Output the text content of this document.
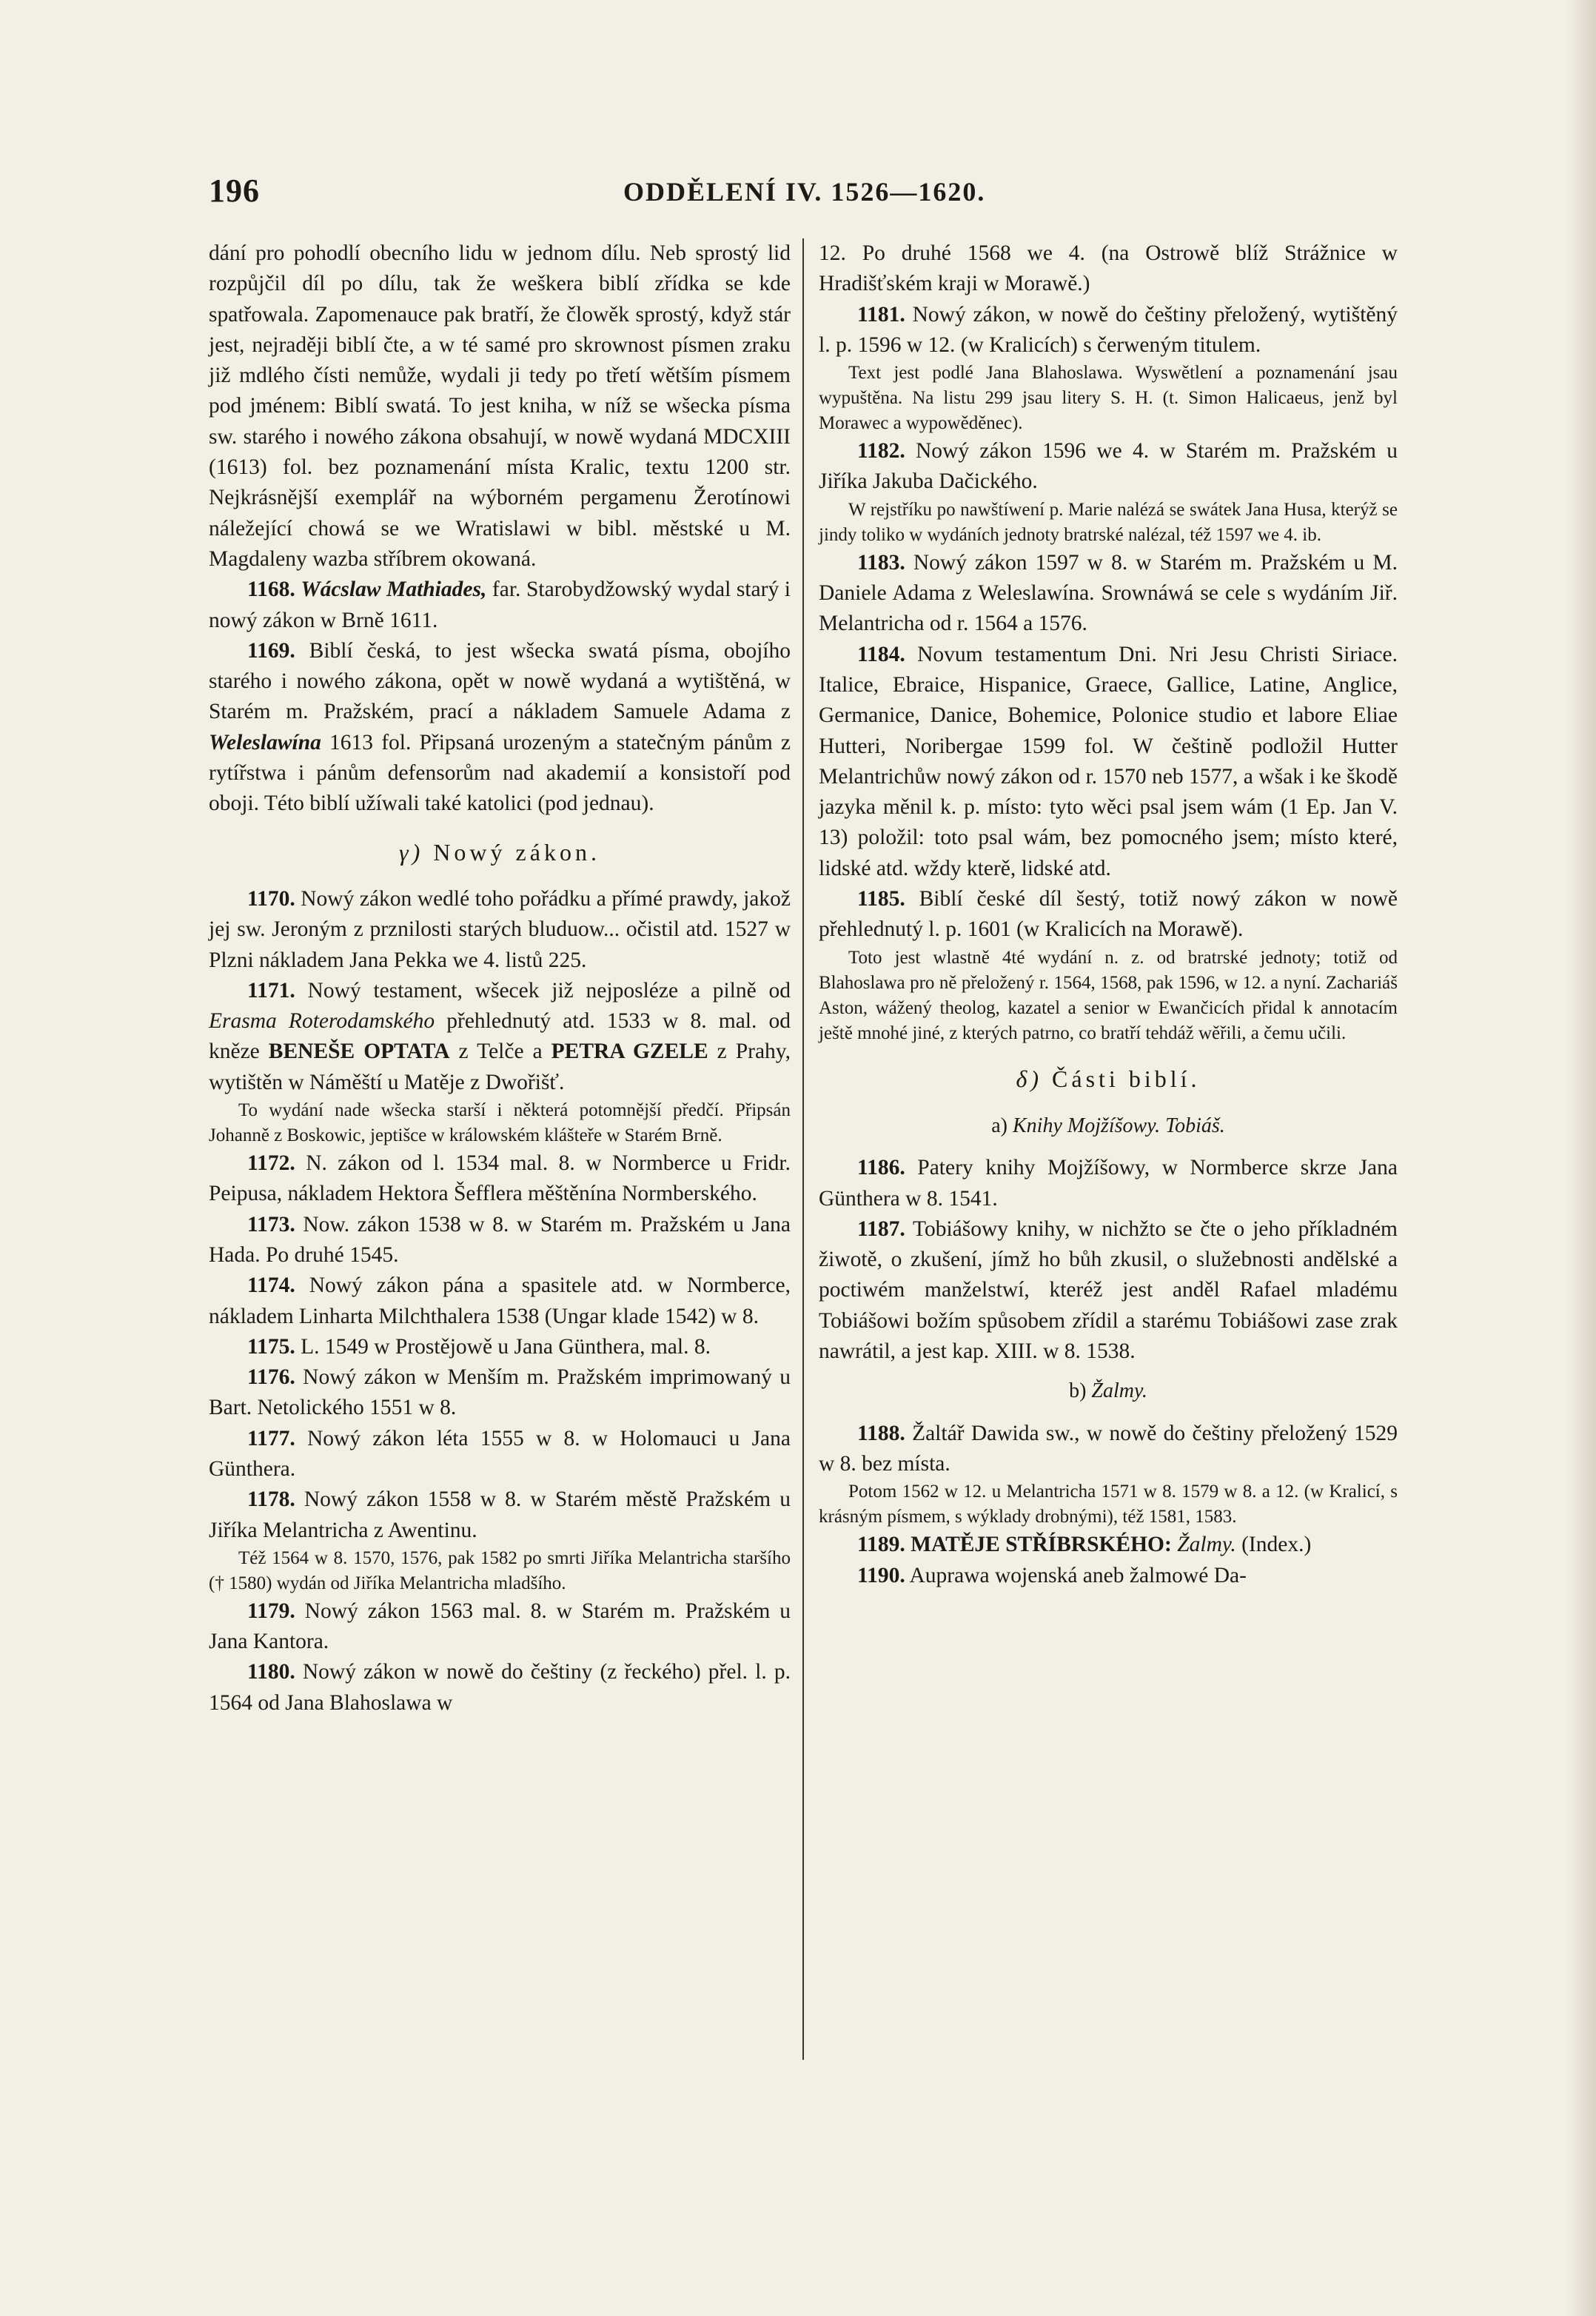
196	ODDĚLENÍ IV. 1526—1620.

dání pro pohodlí obecního lidu w jednom dílu. Neb sprostý lid rozpůjčil díl po dílu, tak že weškera biblí zřídka se kde spatřowala. Zapomenauce pak bratří, že člowěk sprostý, když stár jest, nejraději biblí čte, a w té samé pro skrownost písmen zraku již mdlého čísti nemůže, wydali ji tedy po třetí wětším písmem pod jménem: Biblí swatá. To jest kniha, w níž se wšecka písma sw. starého i nowého zákona obsahují, w nowě wydaná MDCXIII (1613) fol. bez poznamenání místa Kralic, textu 1200 str. Nejkrásnější exemplář na wýborném pergamenu Žerotínowi náležející chowá se we Wratislawi w bibl. městské u M. Magdaleny wazba stříbrem okowaná.

1168. Wácslaw Mathiades, far. Starobydžowský wydal starý i nowý zákon w Brně 1611.

1169. Biblí česká, to jest wšecka swatá písma, obojího starého i nowého zákona, opět w nowě wydaná a wytištěná, w Starém m. Pražském, prací a nákladem Samuele Adama z Weleslawína 1613 fol. Připsaná urozeným a statečným pánům z rytířstwa i pánům defensorům nad akademií a konsistoří pod oboji. Této biblí užíwali také katolici (pod jednau).

γ) Nowý zákon.

1170. Nowý zákon wedlé toho pořádku a přímé prawdy, jakož jej sw. Jeroným z prznilosti starých bluduow... očistil atd. 1527 w Plzni nákladem Jana Pekka we 4. listů 225.

1171. Nowý testament, wšecek již nejposléze a pilně od Erasma Roterodamského přehlednutý atd. 1533 w 8. mal. od kněze BENEŠE OPTATA z Telče a PETRA GZELE z Prahy, wytištěn w Náměští u Matěje z Dwořišť.

To wydání nade wšecka starší i některá potomnější předčí. Připsán Johanně z Boskowic, jeptišce w králowském klášteře w Starém Brně.

1172. N. zákon od l. 1534 mal. 8. w Normberce u Fridr. Peipusa, nákladem Hektora Šefflera měštěnína Normberského.

1173. Now. zákon 1538 w 8. w Starém m. Pražském u Jana Hada. Po druhé 1545.

1174. Nowý zákon pána a spasitele atd. w Normberce, nákladem Linharta Milchthalera 1538 (Ungar klade 1542) w 8.

1175. L. 1549 w Prostějowě u Jana Günthera, mal. 8.

1176. Nowý zákon w Menším m. Pražském imprimowaný u Bart. Netolického 1551 w 8.

1177. Nowý zákon léta 1555 w 8. w Holomauci u Jana Günthera.

1178. Nowý zákon 1558 w 8. w Starém městě Pražském u Jiříka Melantricha z Awentinu.

Též 1564 w 8. 1570, 1576, pak 1582 po smrti Jiříka Melantricha staršího († 1580) wydán od Jiříka Melantricha mladšího.

1179. Nowý zákon 1563 mal. 8. w Starém m. Pražském u Jana Kantora.

1180. Nowý zákon w nowě do češtiny (z řeckého) přel. l. p. 1564 od Jana Blahoslawa w

12. Po druhé 1568 we 4. (na Ostrowě blíž Strážnice w Hradišťském kraji w Morawě.)

1181. Nowý zákon, w nowě do češtiny přeložený, wytištěný l. p. 1596 w 12. (w Kralicích) s čerweným titulem.

Text jest podlé Jana Blahoslawa. Wyswětlení a poznamenání jsau wypuštěna. Na listu 299 jsau litery S. H. (t. Simon Halicaeus, jenž byl Morawec a wypowěděnec).

1182. Nowý zákon 1596 we 4. w Starém m. Pražském u Jiříka Jakuba Dačického.

W rejstříku po nawštíwení p. Marie nalézá se swátek Jana Husa, kterýž se jindy toliko w wydáních jednoty bratrské nalézal, též 1597 we 4. ib.

1183. Nowý zákon 1597 w 8. w Starém m. Pražském u M. Daniele Adama z Weleslawína. Srownáwá se cele s wydáním Jiř. Melantricha od r. 1564 a 1576.

1184. Novum testamentum Dni. Nri Jesu Christi Siriace. Italice, Ebraice, Hispanice, Graece, Gallice, Latine, Anglice, Germanice, Danice, Bohemice, Polonice studio et labore Eliae Hutteri, Noribergae 1599 fol. W češtině podložil Hutter Melantrichůw nowý zákon od r. 1570 neb 1577, a wšak i ke škodě jazyka měnil k. p. místo: tyto wěci psal jsem wám (1 Ep. Jan V. 13) položil: toto psal wám, bez pomocného jsem; místo které, lidské atd. wždy kterě, lidské atd.

1185. Biblí české díl šestý, totiž nowý zákon w nowě přehlednutý l. p. 1601 (w Kralicích na Morawě).

Toto jest wlastně 4té wydání n. z. od bratrské jednoty; totiž od Blahoslawa pro ně přeložený r. 1564, 1568, pak 1596, w 12. a nyní. Zachariáš Aston, wážený theolog, kazatel a senior w Ewančicích přidal k annotacím ještě mnohé jiné, z kterých patrno, co bratří tehdáž wěřili, a čemu učili.

δ) Části biblí.
a) Knihy Mojžíšowy. Tobiáš.

1186. Patery knihy Mojžíšowy, w Normberce skrze Jana Günthera w 8. 1541.

1187. Tobiášowy knihy, w nichžto se čte o jeho příkladném žiwotě, o zkušení, jímž ho bůh zkusil, o služebnosti andělské a poctiwém manželstwí, kteréž jest anděl Rafael mladému Tobiášowi božím spůsobem zřídil a starému Tobiášowi zase zrak nawrátil, a jest kap. XIII. w 8. 1538.

b) Žalmy.

1188. Žaltář Dawida sw., w nowě do češtiny přeložený 1529 w 8. bez místa.

Potom 1562 w 12. u Melantricha 1571 w 8. 1579 w 8. a 12. (w Kralicí, s krásným písmem, s wýklady drobnými), též 1581, 1583.

1189. MATĚJE STŘÍBRSKÉHO: Žalmy. (Index.)

1190. Auprawa wojenská aneb žalmowé Da-
